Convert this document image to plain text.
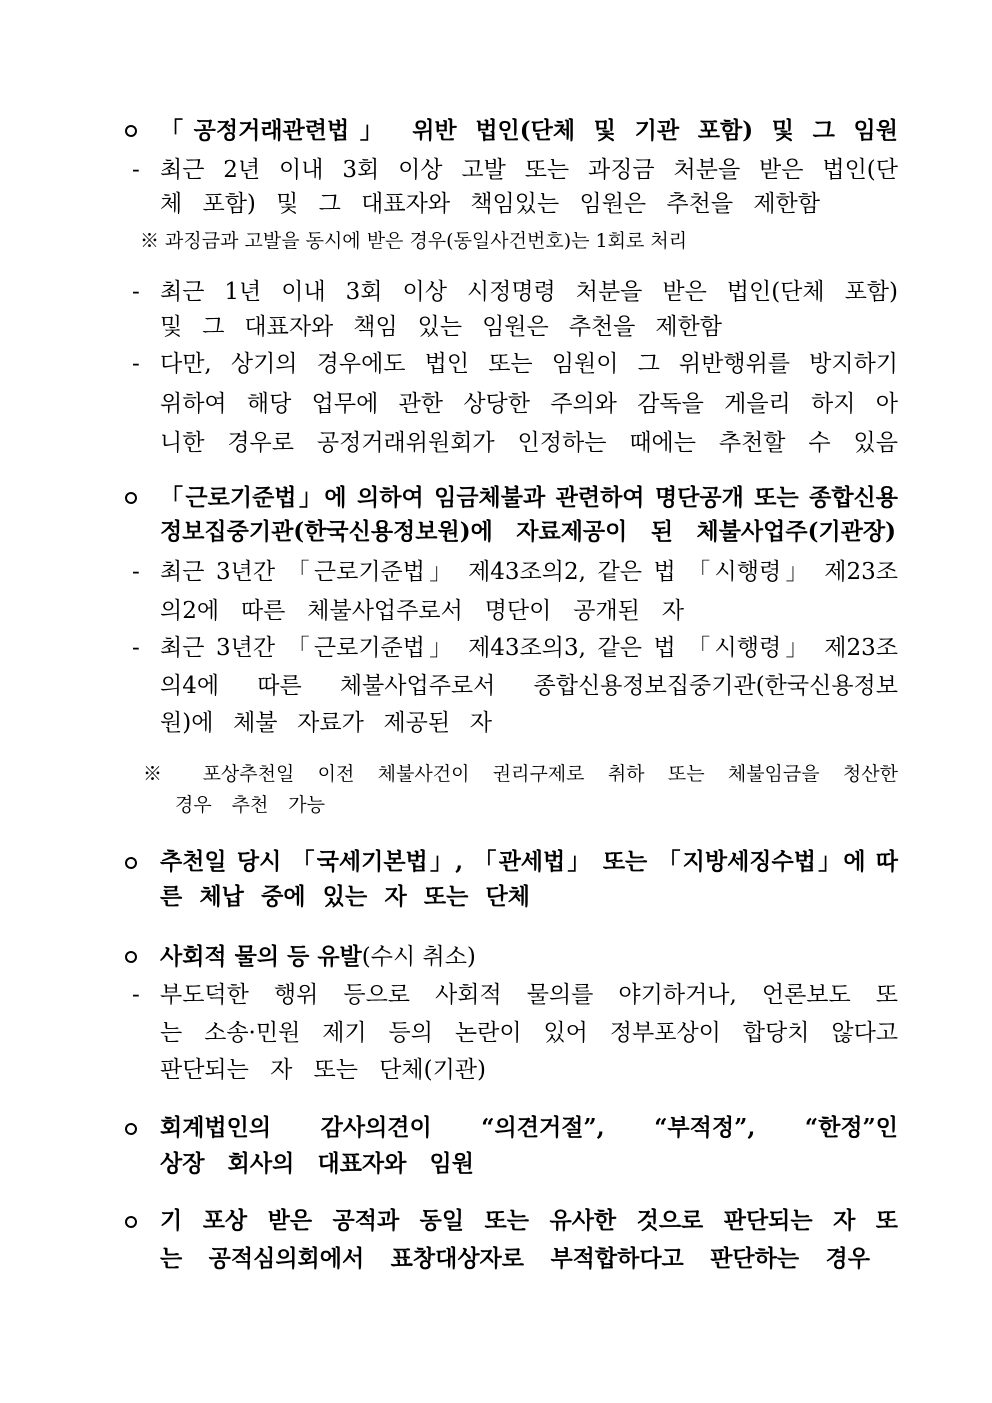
「공정거래관련법」 위반 법인(단체 및 기관 포함) 및 그 임원
- 최근 2년 이내 3회 이상 고발 또는 과징금 처분을 받은 법인(단
체 포함) 및 그 대표자와 책임있는 임원은 추천을 제한함
※ 과징금과 고발을 동시에 받은 경우(동일사건번호)는 1회로 처리
- 최근 1년 이내 3회 이상 시정명령 처분을 받은 법인(단체 포함)
및 그 대표자와 책임 있는 임원은 추천을 제한함
- 다만, 상기의 경우에도 법인 또는 임원이 그 위반행위를 방지하기
위하여 해당 업무에 관한 상당한 주의와 감독을 게을리 하지 아
니한 경우로 공정거래위원회가 인정하는 때에는 추천할 수 있음
「근로기준법」에 의하여 임금체불과 관련하여 명단공개 또는 종합신용
정보집중기관(한국신용정보원)에 자료제공이 된 체불사업주(기관장)
- 최근 3년간 「근로기준법」 제43조의2, 같은 법 「시행령」 제23조
의2에 따른 체불사업주로서 명단이 공개된 자
- 최근 3년간 「근로기준법」 제43조의3, 같은 법 「시행령」 제23조
의4에 따른 체불사업주로서 종합신용정보집중기관(한국신용정보
원)에 체불 자료가 제공된 자
※ 포상추천일 이전 체불사건이 권리구제로 취하 또는 체불임금을 청산한
경우 추천 가능
추천일 당시 「국세기본법」, 「관세법」 또는 「지방세징수법」에 따
른 체납 중에 있는 자 또는 단체
사회적 물의 등 유발(수시 취소)
- 부도덕한 행위 등으로 사회적 물의를 야기하거나, 언론보도 또
는 소송·민원 제기 등의 논란이 있어 정부포상이 합당치 않다고
판단되는 자 또는 단체(기관)
회계법인의 감사의견이 “의견거절”, “부적정”, “한정”인
상장 회사의 대표자와 임원
기 포상 받은 공적과 동일 또는 유사한 것으로 판단되는 자 또
는 공적심의회에서 표창대상자로 부적합하다고 판단하는 경우
